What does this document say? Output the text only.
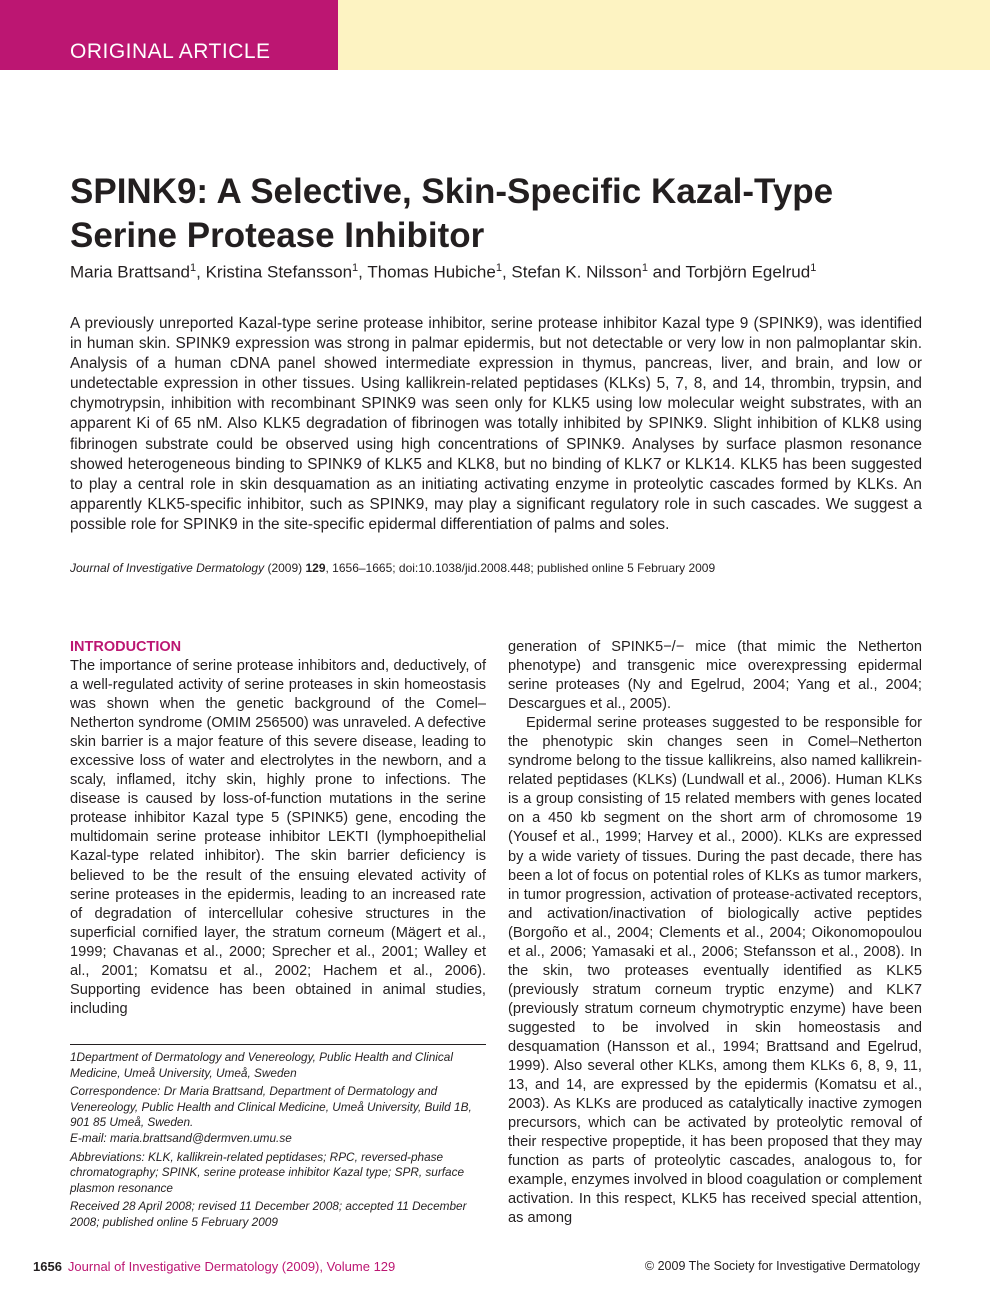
ORIGINAL ARTICLE
SPINK9: A Selective, Skin-Specific Kazal-Type Serine Protease Inhibitor
Maria Brattsand$^1$, Kristina Stefansson$^1$, Thomas Hubiche$^1$, Stefan K. Nilsson$^1$ and Torbjörn Egelrud$^1$

A previously unreported Kazal-type serine protease inhibitor, serine protease inhibitor Kazal type 9 (SPINK9), was identified in human skin. SPINK9 expression was strong in palmar epidermis, but not detectable or very low in non palmoplantar skin. Analysis of a human cDNA panel showed intermediate expression in thymus, pancreas, liver, and brain, and low or undetectable expression in other tissues. Using kallikrein-related peptidases (KLKs) 5, 7, 8, and 14, thrombin, trypsin, and chymotrypsin, inhibition with recombinant SPINK9 was seen only for KLK5 using low molecular weight substrates, with an apparent Ki of 65 nM. Also KLK5 degradation of fibrinogen was totally inhibited by SPINK9. Slight inhibition of KLK8 using fibrinogen substrate could be observed using high concentrations of SPINK9. Analyses by surface plasmon resonance showed heterogeneous binding to SPINK9 of KLK5 and KLK8, but no binding of KLK7 or KLK14. KLK5 has been suggested to play a central role in skin desquamation as an initiating activating enzyme in proteolytic cascades formed by KLKs. An apparently KLK5-specific inhibitor, such as SPINK9, may play a significant regulatory role in such cascades. We suggest a possible role for SPINK9 in the site-specific epidermal differentiation of palms and soles.

Journal of Investigative Dermatology (2009) 129, 1656–1665; doi:10.1038/jid.2008.448; published online 5 February 2009
INTRODUCTION

The importance of serine protease inhibitors and, deductively, of a well-regulated activity of serine proteases in skin homeostasis was shown when the genetic background of the Comel–Netherton syndrome (OMIM 256500) was unraveled. A defective skin barrier is a major feature of this severe disease, leading to excessive loss of water and electrolytes in the newborn, and a scaly, inflamed, itchy skin, highly prone to infections. The disease is caused by loss-of-function mutations in the serine protease inhibitor Kazal type 5 (SPINK5) gene, encoding the multidomain serine protease inhibitor LEKTI (lymphoepithelial Kazal-type related inhibitor). The skin barrier deficiency is believed to be the result of the ensuing elevated activity of serine proteases in the epidermis, leading to an increased rate of degradation of intercellular cohesive structures in the superficial cornified layer, the stratum corneum (Mägert et al., 1999; Chavanas et al., 2000; Sprecher et al., 2001; Walley et al., 2001; Komatsu et al., 2002; Hachem et al., 2006). Supporting evidence has been obtained in animal studies, including

generation of SPINK5−/− mice (that mimic the Netherton phenotype) and transgenic mice overexpressing epidermal serine proteases (Ny and Egelrud, 2004; Yang et al., 2004; Descargues et al., 2005).

Epidermal serine proteases suggested to be responsible for the phenotypic skin changes seen in Comel–Netherton syndrome belong to the tissue kallikreins, also named kallikrein-related peptidases (KLKs) (Lundwall et al., 2006). Human KLKs is a group consisting of 15 related members with genes located on a 450 kb segment on the short arm of chromosome 19 (Yousef et al., 1999; Harvey et al., 2000). KLKs are expressed by a wide variety of tissues. During the past decade, there has been a lot of focus on potential roles of KLKs as tumor markers, in tumor progression, activation of protease-activated receptors, and activation/inactivation of biologically active peptides (Borgoño et al., 2004; Clements et al., 2004; Oikonomopoulou et al., 2006; Yamasaki et al., 2006; Stefansson et al., 2008). In the skin, two proteases eventually identified as KLK5 (previously stratum corneum tryptic enzyme) and KLK7 (previously stratum corneum chymotryptic enzyme) have been suggested to be involved in skin homeostasis and desquamation (Hansson et al., 1994; Brattsand and Egelrud, 1999). Also several other KLKs, among them KLKs 6, 8, 9, 11, 13, and 14, are expressed by the epidermis (Komatsu et al., 2003). As KLKs are produced as catalytically inactive zymogen precursors, which can be activated by proteolytic removal of their respective propeptide, it has been proposed that they may function as parts of proteolytic cascades, analogous to, for example, enzymes involved in blood coagulation or complement activation. In this respect, KLK5 has received special attention, as among

1Department of Dermatology and Venereology, Public Health and Clinical Medicine, Umeå University, Umeå, Sweden

Correspondence: Dr Maria Brattsand, Department of Dermatology and Venereology, Public Health and Clinical Medicine, Umeå University, Build 1B, 901 85 Umeå, Sweden.
E-mail: maria.brattsand@dermven.umu.se

Abbreviations: KLK, kallikrein-related peptidases; RPC, reversed-phase chromatography; SPINK, serine protease inhibitor Kazal type; SPR, surface plasmon resonance

Received 28 April 2008; revised 11 December 2008; accepted 11 December 2008; published online 5 February 2009

1656 Journal of Investigative Dermatology (2009), Volume 129	© 2009 The Society for Investigative Dermatology
